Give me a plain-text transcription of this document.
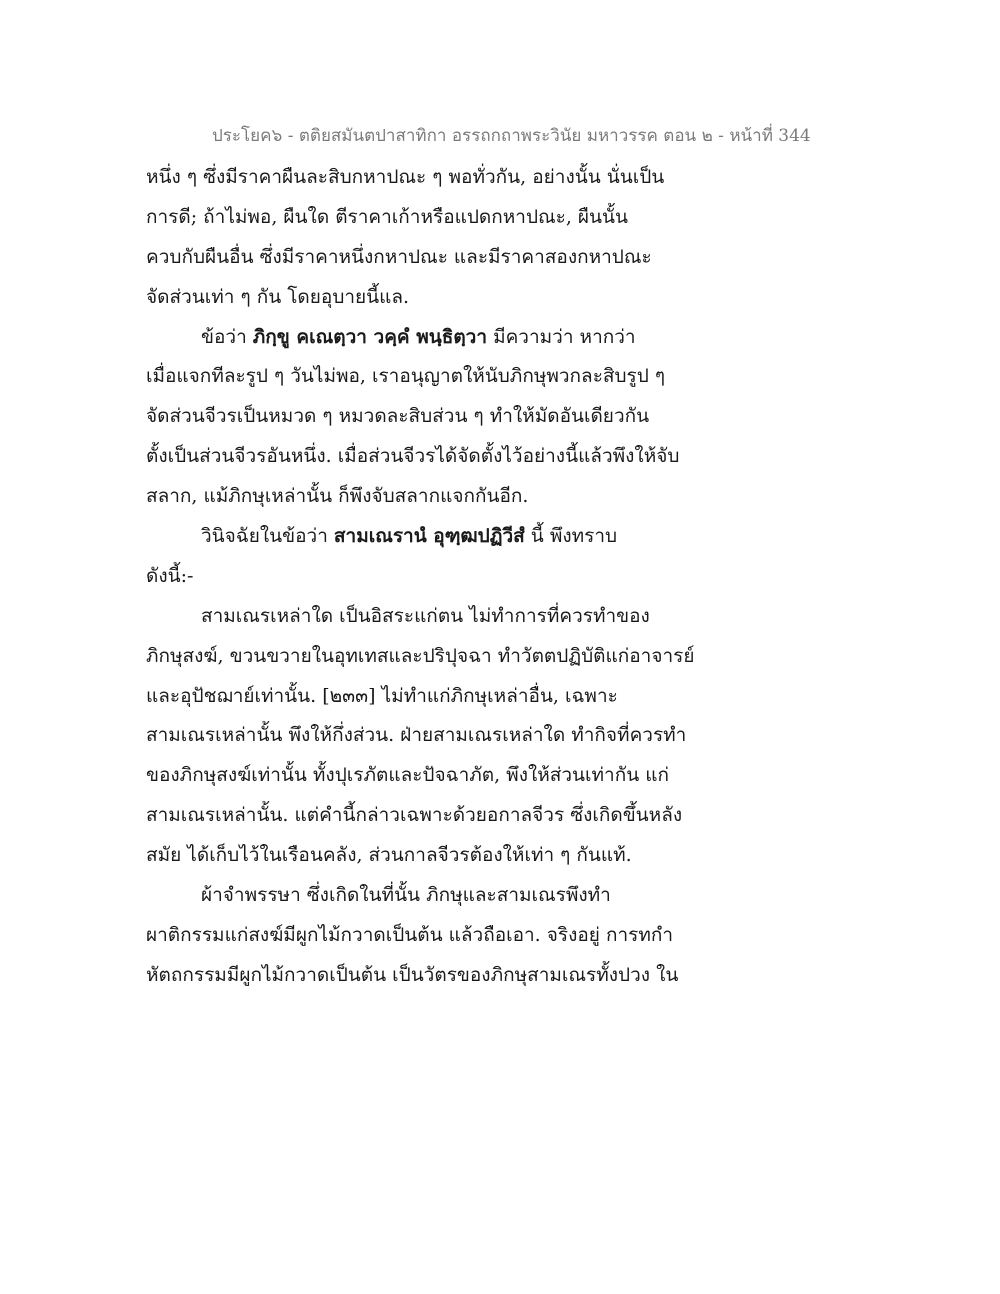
ประโยค๖ - ตติยสมันตปาสาทิกา อรรถกถาพระวินัย มหาวรรค ตอน ๒ - หน้าที่ 344
หนึ่ง ๆ ซึ่งมีราคาผืนละสิบกหาปณะ ๆ พอทั่วกัน, อย่างนั้น นั่นเป็น
การดี; ถ้าไม่พอ, ผืนใด ตีราคาเก้าหรือแปดกหาปณะ, ผืนนั้น
ควบกับผืนอื่น ซึ่งมีราคาหนึ่งกหาปณะ และมีราคาสองกหาปณะ
จัดส่วนเท่า ๆ กัน โดยอุบายนี้แล.
ข้อว่า ภิกฺขู คเณตฺวา วคฺคํ พนฺธิตฺวา มีความว่า หากว่า
เมื่อแจกทีละรูป ๆ วันไม่พอ, เราอนุญาตให้นับภิกษุพวกละสิบรูป ๆ
จัดส่วนจีวรเป็นหมวด ๆ หมวดละสิบส่วน ๆ ทำให้มัดอันเดียวกัน
ตั้งเป็นส่วนจีวรอันหนึ่ง. เมื่อส่วนจีวรได้จัดตั้งไว้อย่างนี้แล้วพึงให้จับ
สลาก, แม้ภิกษุเหล่านั้น ก็พึงจับสลากแจกกันอีก.
วินิจฉัยในข้อว่า สามเณรานํ อุฑฺฒปฏิวีสํ นี้ พึงทราบ
ดังนี้:-
สามเณรเหล่าใด เป็นอิสระแก่ตน ไม่ทำการที่ควรทำของ
ภิกษุสงฆ์, ขวนขวายในอุทเทสและปริปุจฉา ทำวัตตปฏิบัติแก่อาจารย์
และอุปัชฌาย์เท่านั้น. [๒๓๓] ไม่ทำแก่ภิกษุเหล่าอื่น, เฉพาะ
สามเณรเหล่านั้น พึงให้กึ่งส่วน. ฝ่ายสามเณรเหล่าใด ทำกิจที่ควรทำ
ของภิกษุสงฆ์เท่านั้น ทั้งปุเรภัตและปัจฉาภัต, พึงให้ส่วนเท่ากัน แก่
สามเณรเหล่านั้น. แต่คำนี้กล่าวเฉพาะด้วยอกาลจีวร ซึ่งเกิดขึ้นหลัง
สมัย ได้เก็บไว้ในเรือนคลัง, ส่วนกาลจีวรต้องให้เท่า ๆ กันแท้.
ผ้าจำพรรษา ซึ่งเกิดในที่นั้น ภิกษุและสามเณรพึงทำ
ผาติกรรมแก่สงฆ์มีผูกไม้กวาดเป็นต้น แล้วถือเอา. จริงอยู่ การทกำ
หัตถกรรมมีผูกไม้กวาดเป็นต้น เป็นวัตรของภิกษุสามเณรทั้งปวง ใน
